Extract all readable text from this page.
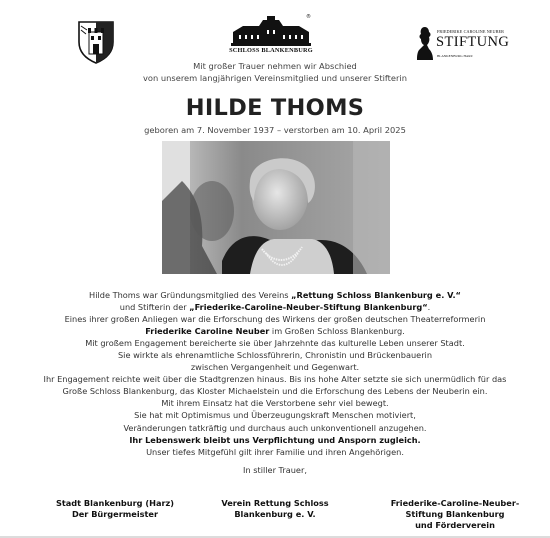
®
SCHLOSS BLANKENBURG
FRIEDERIKE CAROLINE NEUBER
STIFTUNG
BLANKENBURG HARZ
Mit großer Trauer nehmen wir Abschied
von unserem langjährigen Vereinsmitglied und unserer Stifterin
HILDE THOMS
geboren am 7. November 1937 – verstorben am 10. April 2025
Hilde Thoms war Gründungsmitglied des Vereins „Rettung Schloss Blankenburg e. V.“
und Stifterin der „Friederike-Caroline-Neuber-Stiftung Blankenburg“.
Eines ihrer großen Anliegen war die Erforschung des Wirkens der großen deutschen Theaterreformerin
Friederike Caroline Neuber im Großen Schloss Blankenburg.
Mit großem Engagement bereicherte sie über Jahrzehnte das kulturelle Leben unserer Stadt.
Sie wirkte als ehrenamtliche Schlossführerin, Chronistin und Brückenbauerin
zwischen Vergangenheit und Gegenwart.
Ihr Engagement reichte weit über die Stadtgrenzen hinaus. Bis ins hohe Alter setzte sie sich unermüdlich für das
Große Schloss Blankenburg, das Kloster Michaelstein und die Erforschung des Lebens der Neuberin ein.
Mit ihrem Einsatz hat die Verstorbene sehr viel bewegt.
Sie hat mit Optimismus und Überzeugungskraft Menschen motiviert,
Veränderungen tatkräftig und durchaus auch unkonventionell anzugehen.
Ihr Lebenswerk bleibt uns Verpflichtung und Ansporn zugleich.
Unser tiefes Mitgefühl gilt ihrer Familie und ihren Angehörigen.
In stiller Trauer,
Stadt Blankenburg (Harz)
Der Bürgermeister
Verein Rettung Schloss
Blankenburg e. V.
Friederike-Caroline-Neuber-
Stiftung Blankenburg
und Förderverein
